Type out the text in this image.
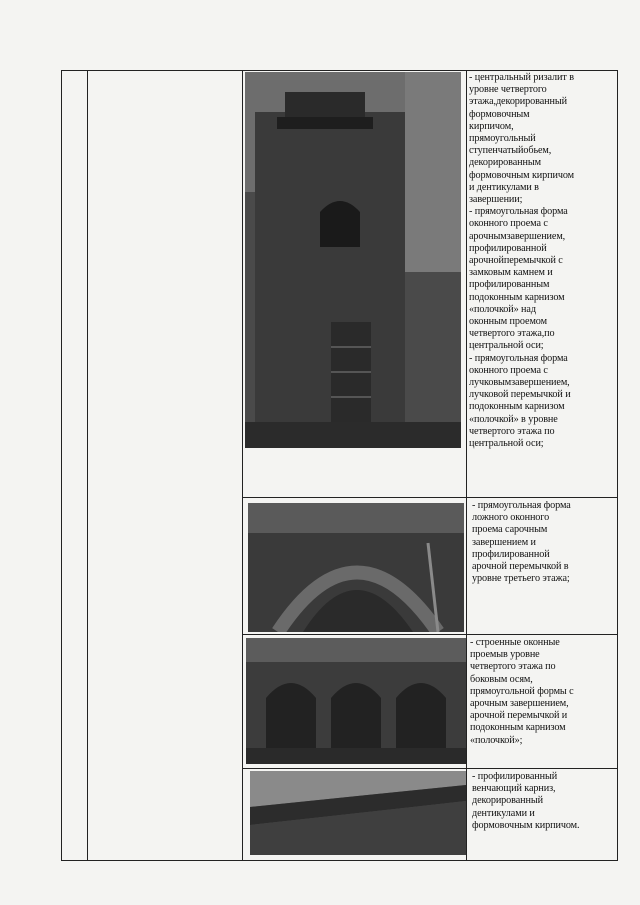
- центральный ризалит в
уровне четвертого
этажа,декорированный
формовочным
кирпичом,
прямоугольный
ступенчатыйобьем,
декорированным
формовочным кирпичом
и дентикулами в
завершении;
- прямоугольная форма
оконного проема с
арочнымзавершением,
профилированной
арочнойперемычкой с
замковым камнем и
профилированным
подоконным карнизом
«полочкой» над
оконным проемом
четвертого этажа,по
центральной оси;
- прямоугольная форма
оконного проема с
лучковымзавершением,
лучковой перемычкой и
подоконным карнизом
«полочкой» в уровне
четвертого этажа по
центральной оси;
- прямоугольная форма
ложного оконного
проема сарочным
завершением и
профилированной
арочной перемычкой в
уровне третьего этажа;
- строенные оконные
проемыв уровне
четвертого этажа по
боковым осям,
прямоугольной формы с
арочным завершением,
арочной перемычкой и
подоконным карнизом
«полочкой»;
- профилированный
венчающий карниз,
декорированный
дентикулами и
формовочным кирпичом.
